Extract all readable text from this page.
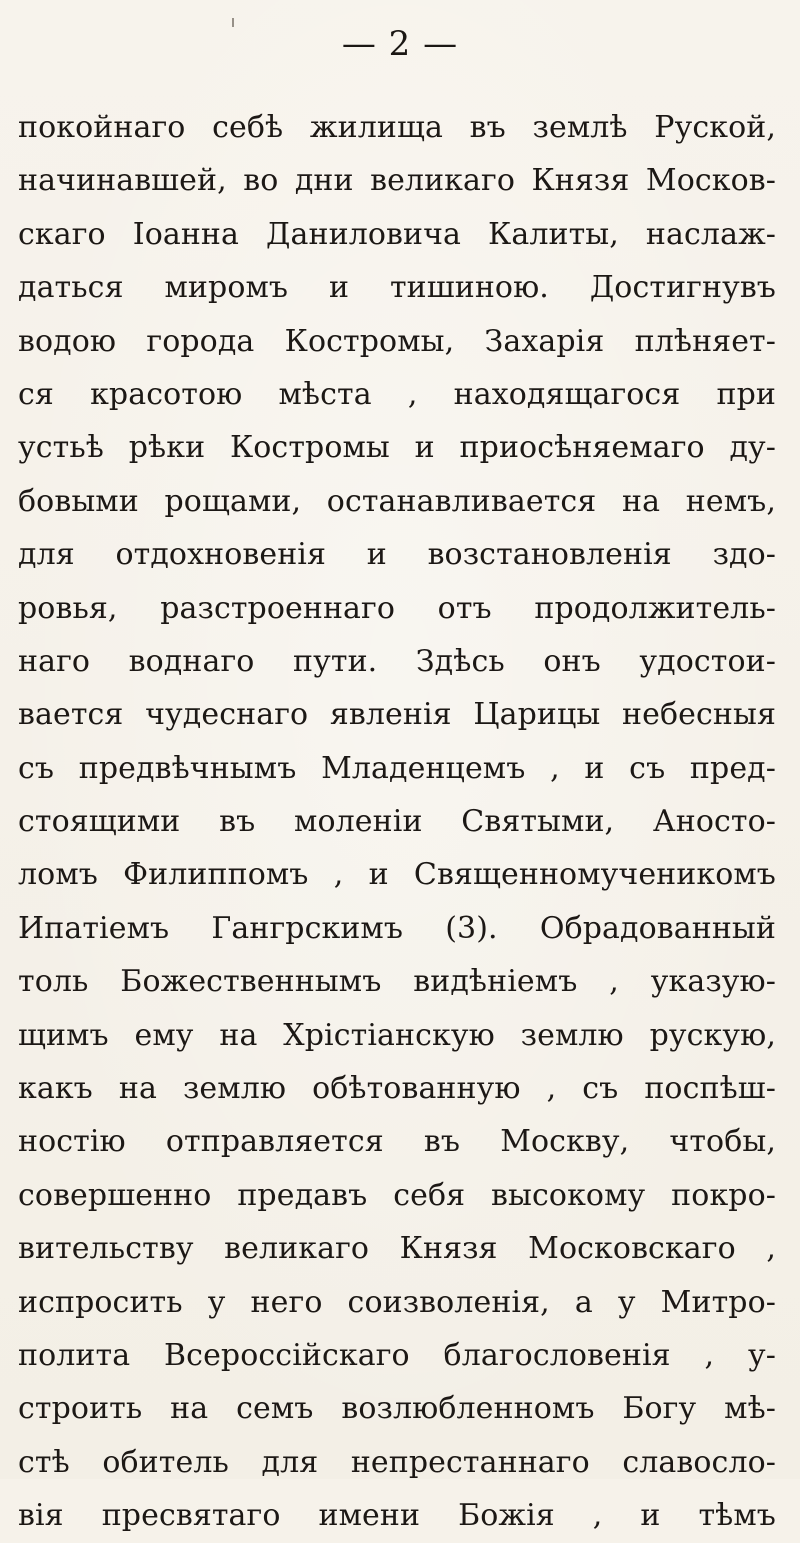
— 2 —
покойнаго себѣ жилища въ землѣ Руской,
начинавшей, во дни великаго Князя Москов-
скаго Іоанна Даниловича Калиты, наслаж-
даться миромъ и тишиною. Достигнувъ
водою города Костромы, Захарія плѣняет-
ся красотою мѣста , находящагося при
устьѣ рѣки Костромы и приосѣняемаго ду-
бовыми рощами, останавливается на немъ,
для отдохновенія и возстановленія здо-
ровья, разстроеннаго отъ продолжитель-
наго воднаго пути. Здѣсь онъ удостои-
вается чудеснаго явленія Царицы небесныя
съ предвѣчнымъ Младенцемъ , и съ пред-
стоящими въ моленіи Святыми, Аносто-
ломъ Филиппомъ , и Священномученикомъ
Ипатіемъ Гангрскимъ (3). Обрадованный
толь Божественнымъ видѣніемъ , указую-
щимъ ему на Хрістіанскую землю рускую,
какъ на землю обѣтованную , съ поспѣш-
ностію отправляется въ Москву, чтобы,
совершенно предавъ себя высокому покро-
вительству великаго Князя Московскаго ,
испросить у него соизволенія, а у Митро-
полита Всероссійскаго благословенія , у-
строить на семъ возлюбленномъ Богу мѣ-
стѣ обитель для непрестаннаго славосло-
вія пресвятаго имени Божія , и тѣмъ
